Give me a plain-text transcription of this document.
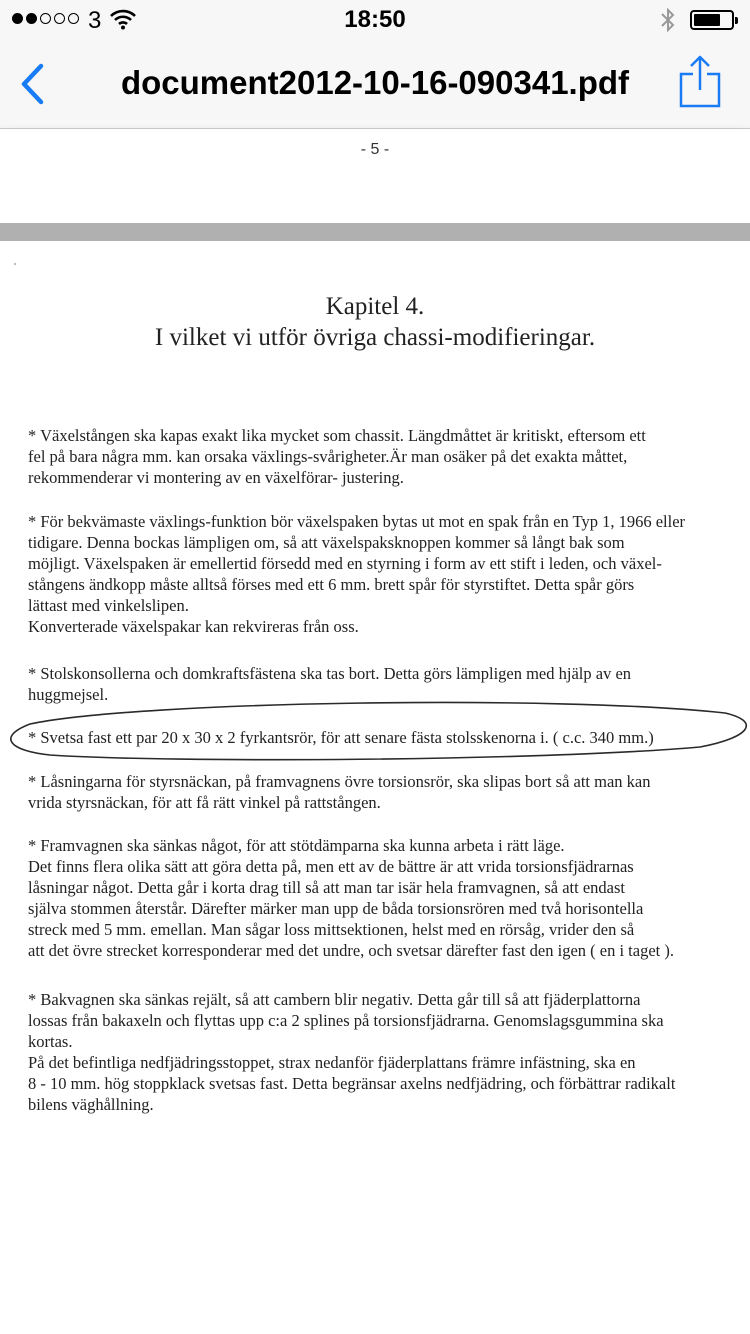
3	18:50
document2012-10-16-090341.pdf
- 5 -
Kapitel 4.
I vilket vi utför övriga chassi-modifieringar.

* Växelstången ska kapas exakt lika mycket som chassit. Längdmåttet är kritiskt, eftersom ett

fel på bara några mm. kan orsaka växlings-svårigheter.Är man osäker på det exakta måttet,

rekommenderar vi montering av en växelförar- justering.

* För bekvämaste växlings-funktion bör växelspaken bytas ut mot en spak från en Typ 1, 1966 eller

tidigare. Denna bockas lämpligen om, så att växelspaksknoppen kommer så långt bak som

möjligt. Växelspaken är emellertid försedd med en styrning i form av ett stift i leden, och växel-

stångens ändkopp måste alltså förses med ett 6 mm. brett spår för styrstiftet. Detta spår görs

lättast med vinkelslipen.

Konverterade växelspakar kan rekvireras från oss.

* Stolskonsollerna och domkraftsfästena ska tas bort. Detta görs lämpligen med hjälp av en

huggmejsel.

* Svetsa fast ett par 20 x 30 x 2 fyrkantsrör, för att senare fästa stolsskenorna i. ( c.c. 340 mm.)

* Låsningarna för styrsnäckan, på framvagnens övre torsionsrör, ska slipas bort så att man kan

vrida styrsnäckan, för att få rätt vinkel på rattstången.

* Framvagnen ska sänkas något, för att stötdämparna ska kunna arbeta i rätt läge.

Det finns flera olika sätt att göra detta på, men ett av de bättre är att vrida torsionsfjädrarnas

låsningar något. Detta går i korta drag till så att man tar isär hela framvagnen, så att endast

själva stommen återstår. Därefter märker man upp de båda torsionsrören med två horisontella

streck med 5 mm. emellan. Man sågar loss mittsektionen, helst med en rörsåg, vrider den så

att det övre strecket korresponderar med det undre, och svetsar därefter fast den igen ( en i taget ).

* Bakvagnen ska sänkas rejält, så att cambern blir negativ. Detta går till så att fjäderplattorna

lossas från bakaxeln och flyttas upp c:a 2 splines på torsionsfjädrarna. Genomslagsgummina ska

kortas.

På det befintliga nedfjädringsstoppet, strax nedanför fjäderplattans främre infästning, ska en

8 - 10 mm. hög stoppklack svetsas fast. Detta begränsar axelns nedfjädring, och förbättrar radikalt

bilens väghållning.
